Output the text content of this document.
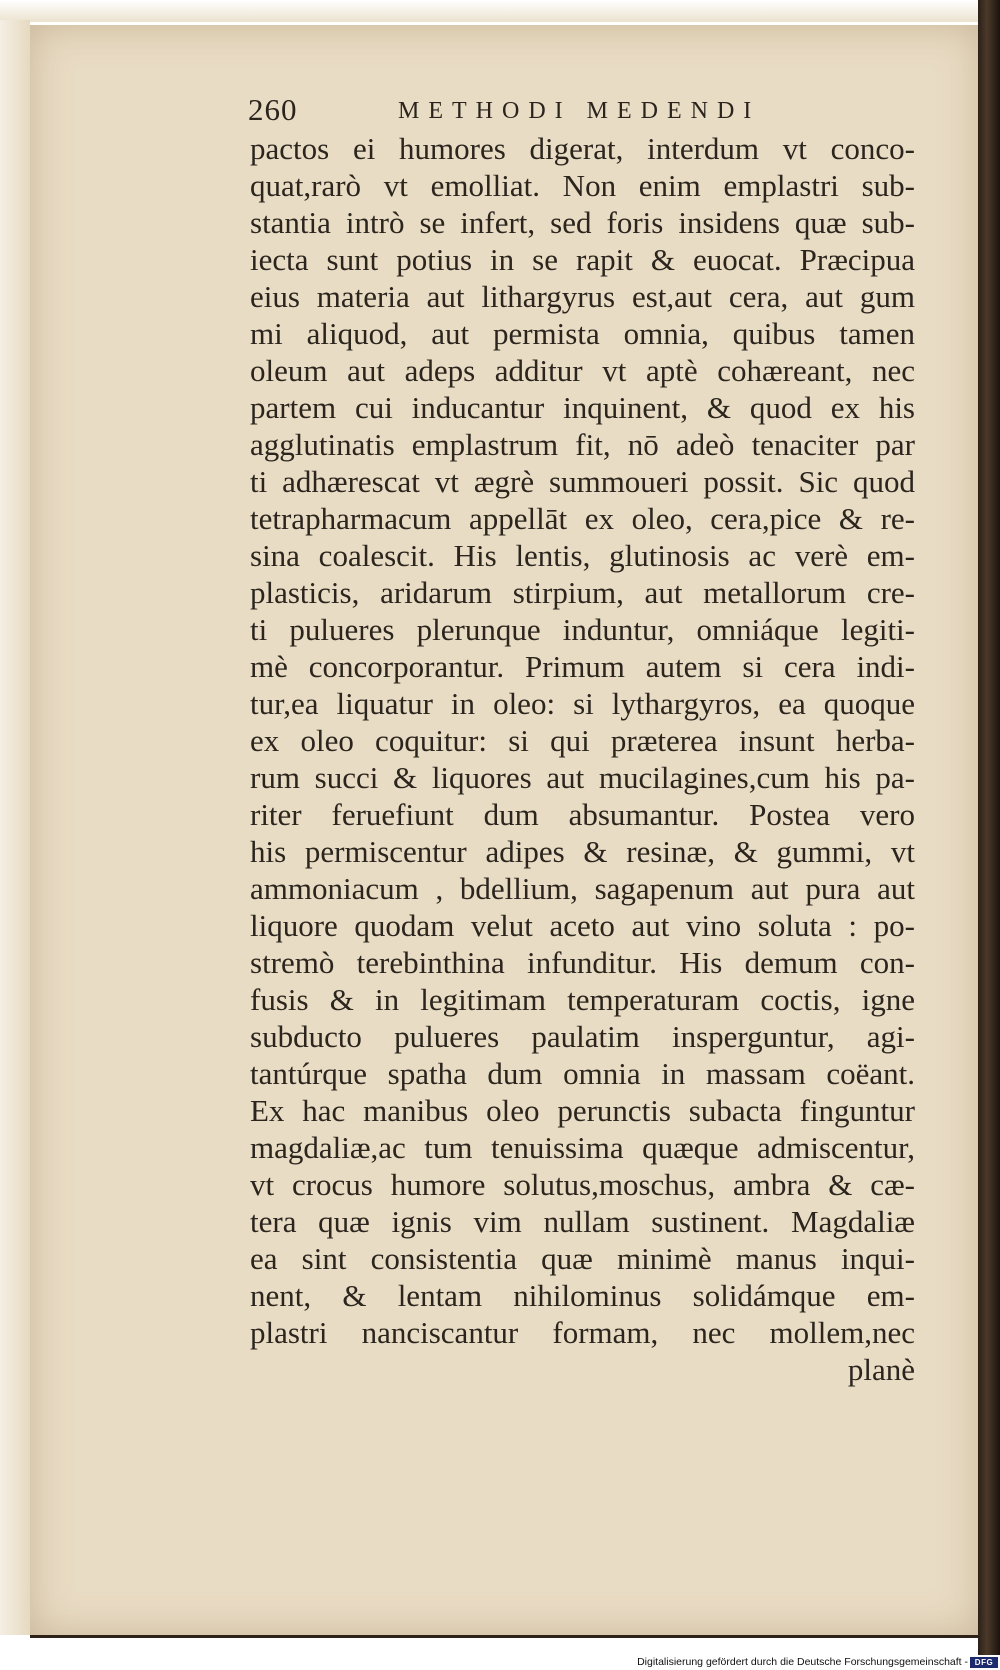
260	METHODI MEDENDI
pactos ei humores digerat, interdum vt conco-
quat,rarò vt emolliat. Non enim emplastri sub-
stantia intrò se infert, sed foris insidens quæ sub-
iecta sunt potius in se rapit & euocat. Præcipua
eius materia aut lithargyrus est,aut cera, aut gum
mi aliquod, aut permista omnia, quibus tamen
oleum aut adeps additur vt aptè cohæreant, nec
partem cui inducantur inquinent, & quod ex his
agglutinatis emplastrum fit, nō adeò tenaciter par
ti adhærescat vt ægrè summoueri possit. Sic quod
tetrapharmacum appellāt ex oleo, cera,pice & re-
sina coalescit. His lentis, glutinosis ac verè em-
plasticis, aridarum stirpium, aut metallorum cre-
ti pulueres plerunque induntur, omniáque legiti-
mè concorporantur. Primum autem si cera indi-
tur,ea liquatur in oleo: si lythargyros, ea quoque
ex oleo coquitur: si qui præterea insunt herba-
rum succi & liquores aut mucilagines,cum his pa-
riter feruefiunt dum absumantur. Postea vero
his permiscentur adipes & resinæ, & gummi, vt
ammoniacum , bdellium, sagapenum aut pura aut
liquore quodam velut aceto aut vino soluta : po-
stremò terebinthina infunditur. His demum con-
fusis & in legitimam temperaturam coctis, igne
subducto pulueres paulatim insperguntur, agi-
tantúrque spatha dum omnia in massam coëant.
Ex hac manibus oleo perunctis subacta finguntur
magdaliæ,ac tum tenuissima quæque admiscentur,
vt crocus humore solutus,moschus, ambra & cæ-
tera quæ ignis vim nullam sustinent. Magdaliæ
ea sint consistentia quæ minimè manus inqui-
nent, & lentam nihilominus solidámque em-
plastri nanciscantur formam, nec mollem,nec
planè
Digitalisierung gefördert durch die Deutsche Forschungsgemeinschaft - DFG
